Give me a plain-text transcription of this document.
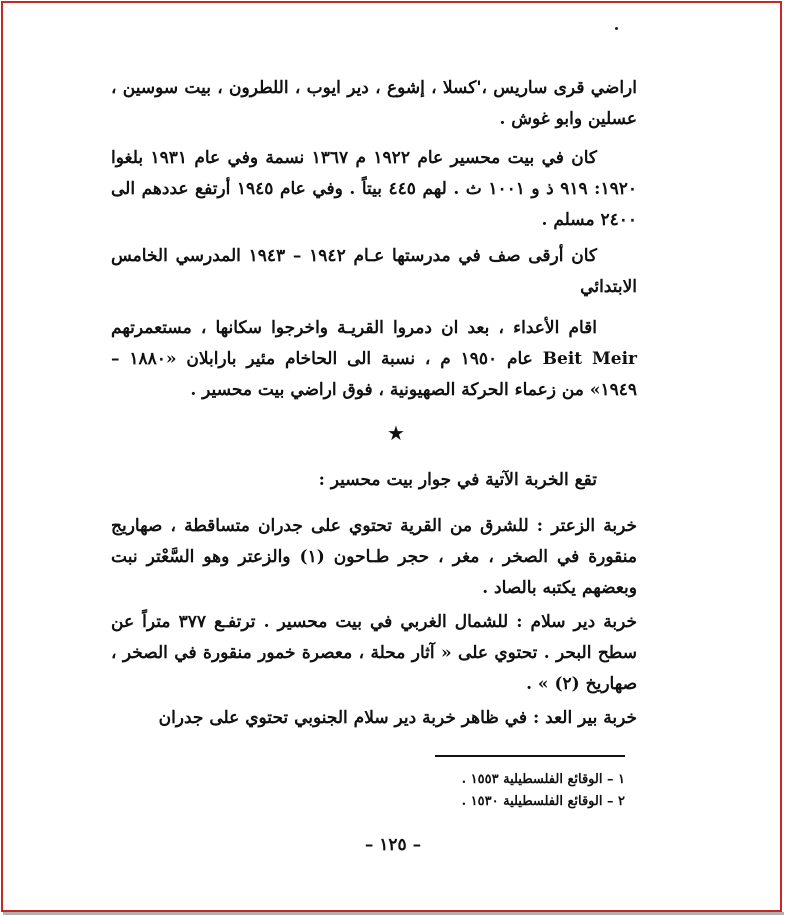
اراضي قرى ساريس ،'كسلا ، إشوع ، دير ايوب ، اللطرون ، بيت سوسين ، عسلين وابو غوش .

كان في بيت محسير عام ١٩٢٢ م ١٣٦٧ نسمة وفي عام ١٩٣١ بلغوا ١٩٢٠: ٩١٩ ذ و ١٠٠١ ث . لهم ٤٤٥ بيتاً . وفي عام ١٩٤٥ أرتفع عددهم الى ٢٤٠٠ مسلم .

كان أرقى صف في مدرستها عـام ١٩٤٢ – ١٩٤٣ المدرسي الخامس الابتدائي

اقام الأعداء ، بعد ان دمروا القريـة واخرجوا سكانها ، مستعمرتهم Beit Meir عام ١٩٥٠ م ، نسبة الى الحاخام مئير بارابلان «١٨٨٠ – ١٩٤٩» من زعماء الحركة الصهيونية ، فوق اراضي بيت محسير .

تقع الخربة الآتية في جوار بيت محسير :

خربة الزعتر : للشرق من القرية تحتوي على جدران متساقطة ، صهاريج منقورة في الصخر ، مغر ، حجر طـاحون (١) والزعتر وهو السَّعْتر نبت وبعضهم يكتبه بالصاد .

خربة دير سلام : للشمال الغربي في بيت محسير . ترتفـع ٣٧٧ متراً عن سطح البحر . تحتوي على « آثار محلة ، معصرة خمور منقورة في الصخر ، صهاريخ (٢) » .

خربة بير العد : في ظاهر خربة دير سلام الجنوبي تحتوي على جدران

★
١ – الوقائع الفلسطيلية ١٥٥٣ .
٢ – الوقائع الفلسطيلية ١٥٣٠ .
– ١٢٥ –
